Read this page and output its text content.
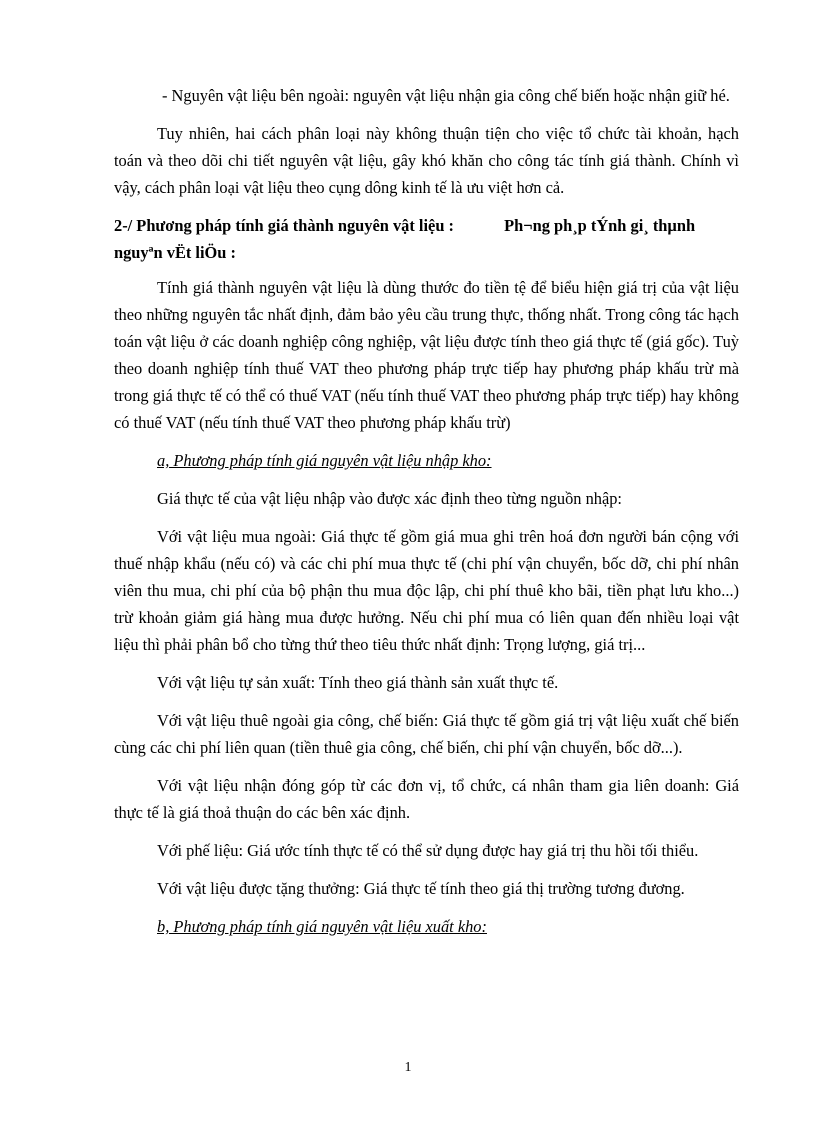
- Nguyên vật liệu bên ngoài: nguyên vật liệu nhận gia công chế biến hoặc nhận giữ hé.

Tuy nhiên, hai cách phân loại này không thuận tiện cho việc tổ chức tài khoản, hạch toán và theo dõi chi tiết nguyên vật liệu, gây khó khăn cho công tác tính giá thành. Chính vì vậy, cách phân loại vật liệu theo cụng dông kinh tế là ưu việt hơn cả.

2-/ Phương pháp tính giá thành nguyên vật liệu :	Ph¬ng ph¸p tÝnh gi¸ thµnh nguyªn vËt liÖu :

Tính giá thành nguyên vật liệu là dùng thước đo tiền tệ để biểu hiện giá trị của vật liệu theo những nguyên tắc nhất định, đảm bảo yêu cầu trung thực, thống nhất. Trong công tác hạch toán vật liệu ở các doanh nghiệp công nghiệp, vật liệu được tính theo giá thực tế (giá gốc). Tuỳ theo doanh nghiệp tính thuế VAT theo phương pháp trực tiếp hay phương pháp khấu trừ mà trong giá thực tế có thể có thuế VAT (nếu tính thuế VAT theo phương pháp trực tiếp) hay không có thuế VAT (nếu tính thuế VAT theo phương pháp khấu trừ)

a, Phương pháp tính giá nguyên vật liệu nhập kho:

Giá thực tế của vật liệu nhập vào được xác định theo từng nguồn nhập:

Với vật liệu mua ngoài: Giá thực tế gồm giá mua ghi trên hoá đơn người bán cộng với thuế nhập khẩu (nếu có) và các chi phí mua thực tế (chi phí vận chuyển, bốc dỡ, chi phí nhân viên thu mua, chi phí của bộ phận thu mua độc lập, chi phí thuê kho bãi, tiền phạt lưu kho...) trừ khoản giảm giá hàng mua được hưởng. Nếu chi phí mua có liên quan đến nhiều loại vật liệu thì phải phân bổ cho từng thứ theo tiêu thức nhất định: Trọng lượng, giá trị...

Với vật liệu tự sản xuất: Tính theo giá thành sản xuất thực tế.

Với vật liệu thuê ngoài gia công, chế biến: Giá thực tế gồm giá trị vật liệu xuất chế biến cùng các chi phí liên quan (tiền thuê gia công, chế biến, chi phí vận chuyển, bốc dỡ...).

Với vật liệu nhận đóng góp từ các đơn vị, tổ chức, cá nhân tham gia liên doanh: Giá thực tế là giá thoả thuận do các bên xác định.

Với phế liệu: Giá ước tính thực tế có thể sử dụng được hay giá trị thu hồi tối thiểu.

Với vật liệu được tặng thưởng: Giá thực tế tính theo giá thị trường tương đương.

b, Phương pháp tính giá nguyên vật liệu xuất kho:

1
